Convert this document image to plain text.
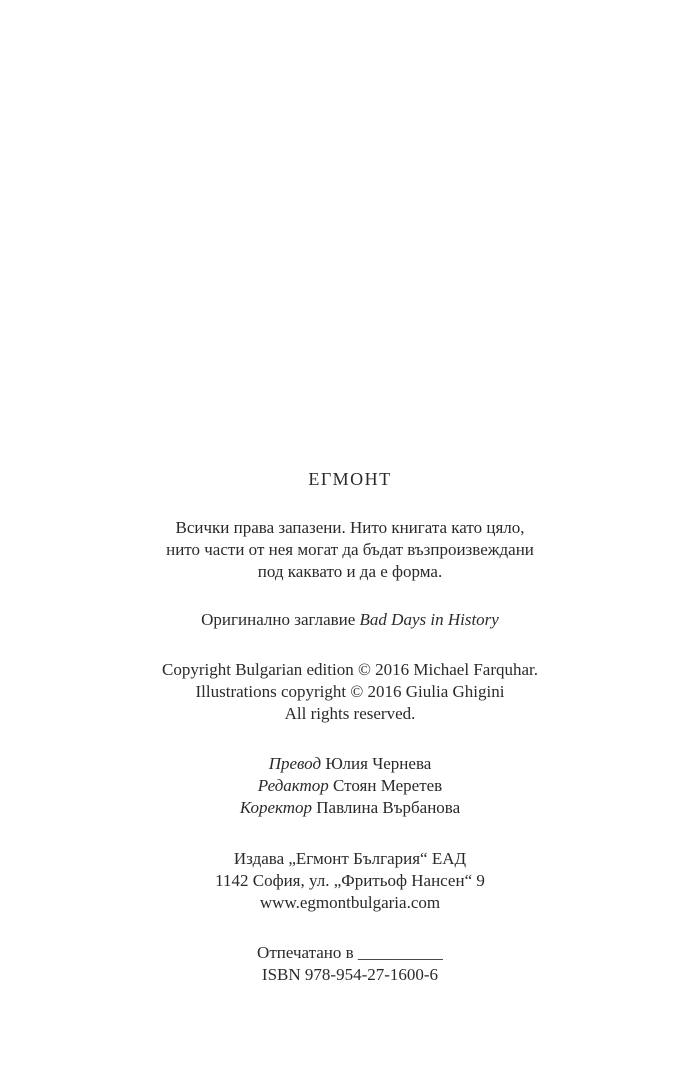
ЕГМОНТ
Всички права запазени. Нито книгата като цяло,
нито части от нея могат да бъдат възпроизвеждани
под каквато и да е форма.
Оригинално заглавие Bad Days in History
Copyright Bulgarian edition © 2016 Michael Farquhar.
Illustrations copyright © 2016 Giulia Ghigini
All rights reserved.
Превод Юлия Чернева
Редактор Стоян Меретев
Коректор Павлина Върбанова
Издава „Егмонт България“ ЕАД
1142 София, ул. „Фритьоф Нансен“ 9
www.egmontbulgaria.com
Отпечатано в __________
ISBN 978-954-27-1600-6
